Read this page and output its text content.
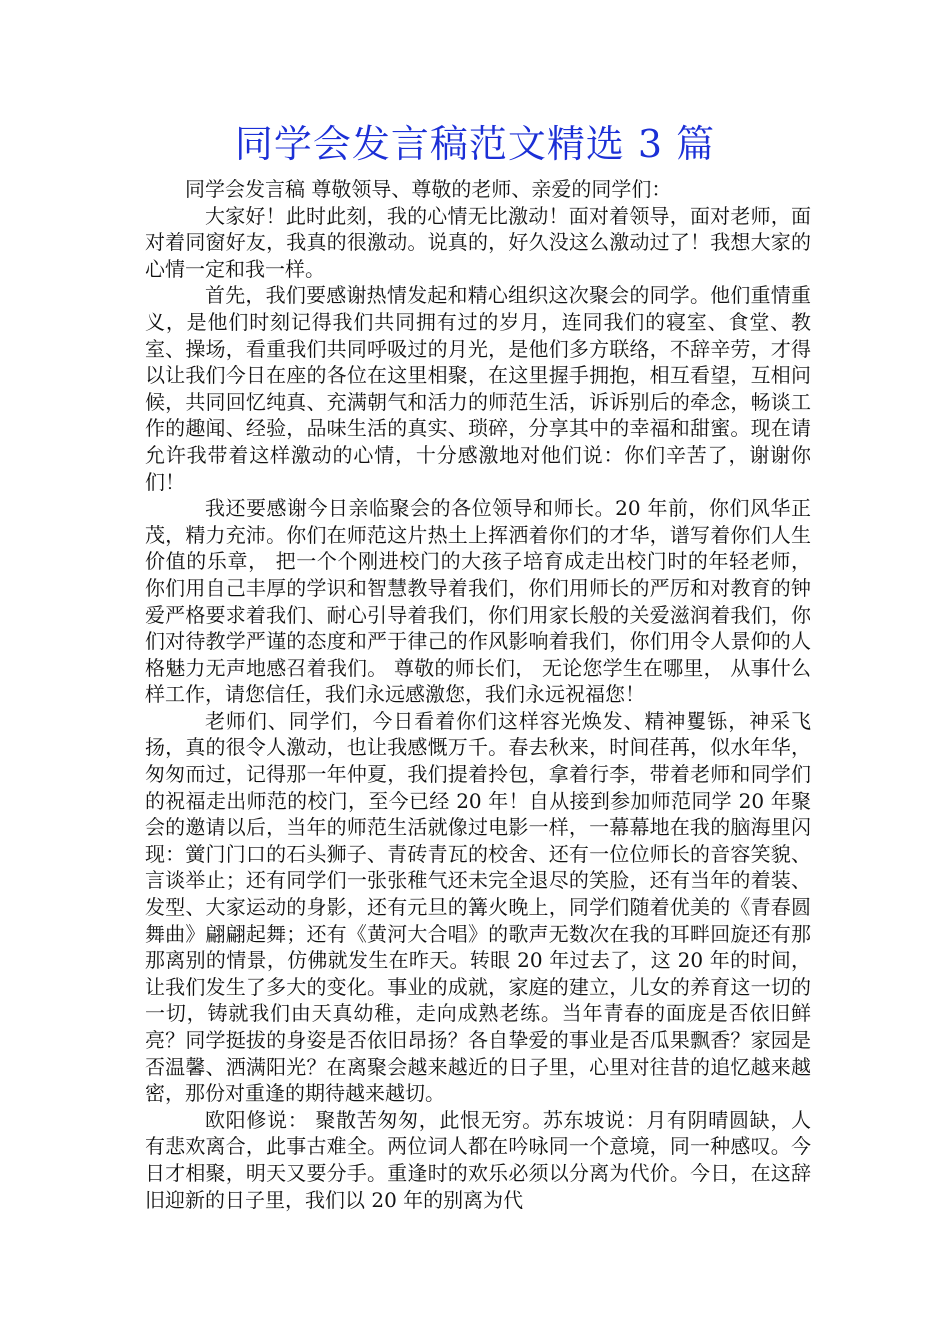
同学会发言稿范文精选 3 篇

同学会发言稿 尊敬领导、尊敬的老师、亲爱的同学们：

大家好！此时此刻，我的心情无比激动！面对着领导，面对老师，面对着同窗好友，我真的很激动。说真的，好久没这么激动过了！我想大家的心情一定和我一样。

首先，我们要感谢热情发起和精心组织这次聚会的同学。他们重情重义，是他们时刻记得我们共同拥有过的岁月，连同我们的寝室、食堂、教室、操场，看重我们共同呼吸过的月光，是他们多方联络，不辞辛劳，才得以让我们今日在座的各位在这里相聚，在这里握手拥抱，相互看望，互相问候，共同回忆纯真、充满朝气和活力的师范生活，诉诉别后的牵念，畅谈工作的趣闻、经验，品味生活的真实、琐碎，分享其中的幸福和甜蜜。现在请允许我带着这样激动的心情，十分感激地对他们说：你们辛苦了，谢谢你们！

我还要感谢今日亲临聚会的各位领导和师长。20 年前，你们风华正茂，精力充沛。你们在师范这片热土上挥洒着你们的才华，谱写着你们人生价值的乐章， 把一个个刚进校门的大孩子培育成走出校门时的年轻老师，你们用自己丰厚的学识和智慧教导着我们，你们用师长的严厉和对教育的钟爱严格要求着我们、耐心引导着我们，你们用家长般的关爱滋润着我们，你们对待教学严谨的态度和严于律己的作风影响着我们，你们用令人景仰的人格魅力无声地感召着我们。 尊敬的师长们， 无论您学生在哪里， 从事什么样工作，请您信任，我们永远感激您，我们永远祝福您！

老师们、同学们，今日看着你们这样容光焕发、精神矍铄，神采飞扬，真的很令人激动，也让我感慨万千。春去秋来，时间荏苒，似水年华，匆匆而过，记得那一年仲夏，我们提着拎包，拿着行李，带着老师和同学们的祝福走出师范的校门，至今已经 20 年！自从接到参加师范同学 20 年聚会的邀请以后，当年的师范生活就像过电影一样，一幕幕地在我的脑海里闪现：黉门门口的石头狮子、青砖青瓦的校舍、还有一位位师长的音容笑貌、言谈举止；还有同学们一张张稚气还未完全退尽的笑脸，还有当年的着装、发型、大家运动的身影，还有元旦的篝火晚上，同学们随着优美的《青春圆舞曲》翩翩起舞；还有《黄河大合唱》的歌声无数次在我的耳畔回旋还有那那离别的情景，仿佛就发生在昨天。转眼 20 年过去了，这 20 年的时间，让我们发生了多大的变化。事业的成就，家庭的建立，儿女的养育这一切的一切，铸就我们由天真幼稚，走向成熟老练。当年青春的面庞是否依旧鲜亮？同学挺拔的身姿是否依旧昂扬？各自挚爱的事业是否瓜果飘香？家园是否温馨、洒满阳光？在离聚会越来越近的日子里，心里对往昔的追忆越来越密，那份对重逢的期待越来越切。

欧阳修说： 聚散苦匆匆，此恨无穷。苏东坡说：月有阴晴圆缺，人有悲欢离合，此事古难全。两位词人都在吟咏同一个意境，同一种感叹。今日才相聚，明天又要分手。重逢时的欢乐必须以分离为代价。今日，在这辞旧迎新的日子里，我们以 20 年的别离为代
